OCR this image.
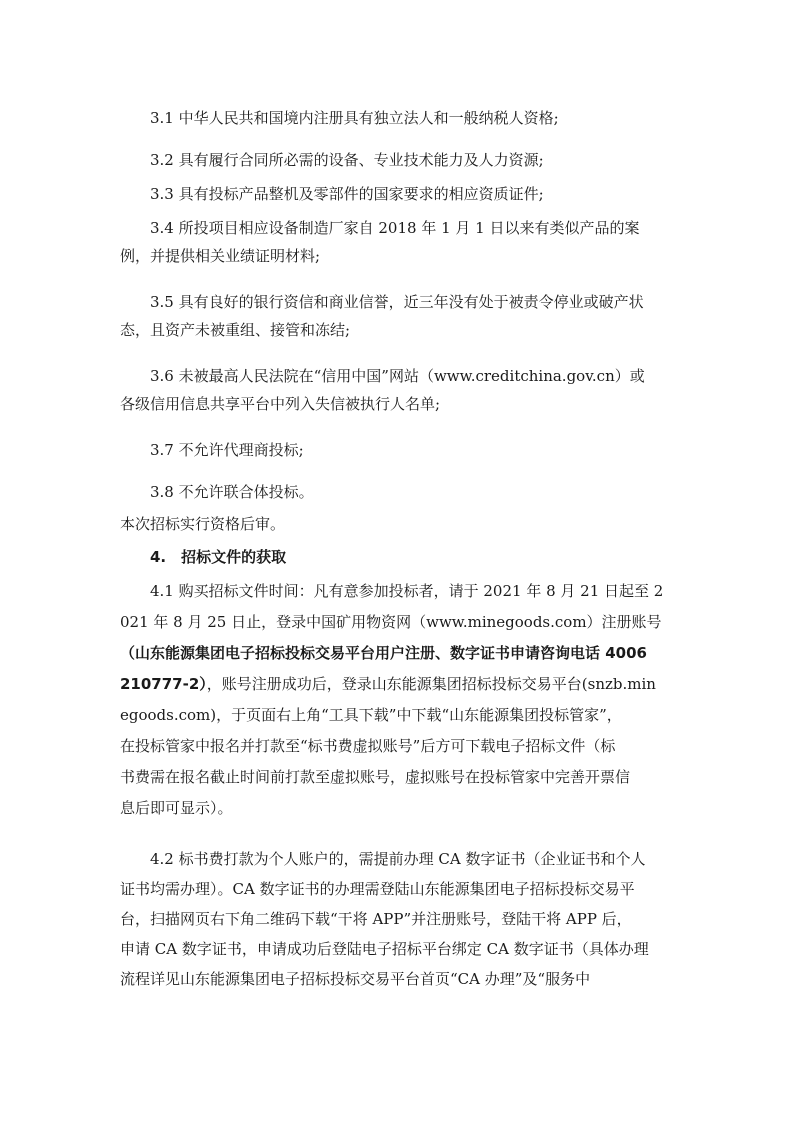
3.1 中华人民共和国境内注册具有独立法人和一般纳税人资格;

3.2 具有履行合同所必需的设备、专业技术能力及人力资源;

3.3 具有投标产品整机及零部件的国家要求的相应资质证件;

3.4 所投项目相应设备制造厂家自 2018 年 1 月 1 日以来有类似产品的案
例，并提供相关业绩证明材料;

3.5 具有良好的银行资信和商业信誉，近三年没有处于被责令停业或破产状
态，且资产未被重组、接管和冻结;

3.6 未被最高人民法院在“信用中国”网站（www.creditchina.gov.cn）或
各级信用信息共享平台中列入失信被执行人名单;

3.7 不允许代理商投标;

3.8 不允许联合体投标。

本次招标实行资格后审。

4.　招标文件的获取

4.1 购买招标文件时间：凡有意参加投标者，请于 2021 年 8 月 21 日起至 2
021 年 8 月 25 日止，登录中国矿用物资网（www.minegoods.com）注册账号
（山东能源集团电子招标投标交易平台用户注册、数字证书申请咨询电话 4006
210777-2），账号注册成功后，登录山东能源集团招标投标交易平台(snzb.min
egoods.com)，于页面右上角“工具下载”中下载“山东能源集团投标管家”，
在投标管家中报名并打款至“标书费虚拟账号”后方可下载电子招标文件（标
书费需在报名截止时间前打款至虚拟账号，虚拟账号在投标管家中完善开票信
息后即可显示）。

4.2 标书费打款为个人账户的，需提前办理 CA 数字证书（企业证书和个人
证书均需办理）。CA 数字证书的办理需登陆山东能源集团电子招标投标交易平
台，扫描网页右下角二维码下载“干将 APP”并注册账号，登陆干将 APP 后，
申请 CA 数字证书，申请成功后登陆电子招标平台绑定 CA 数字证书（具体办理
流程详见山东能源集团电子招标投标交易平台首页“CA 办理”及“服务中
